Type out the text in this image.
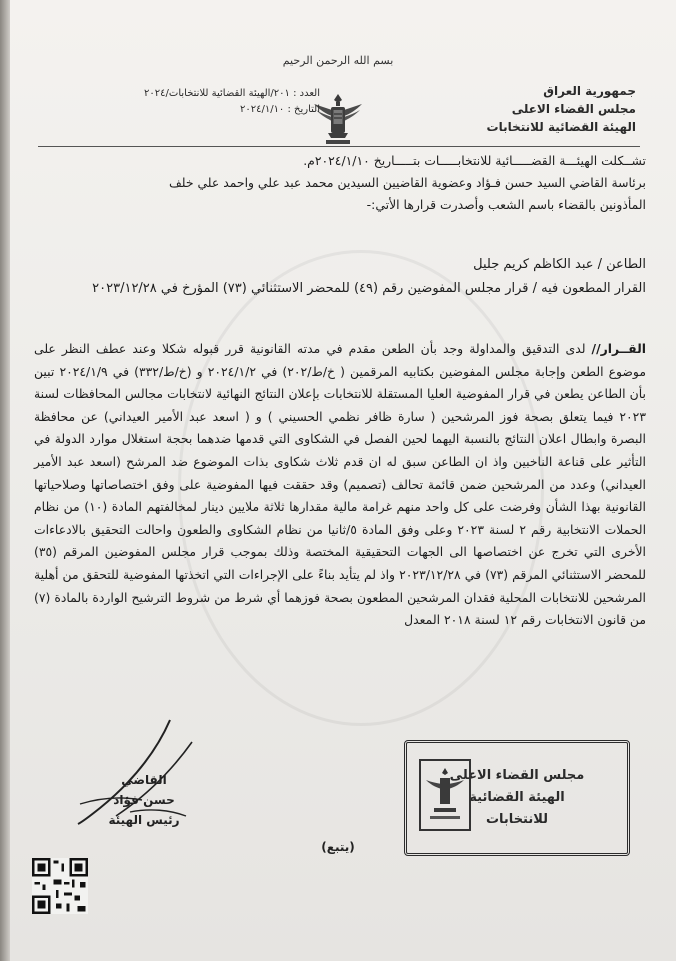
بسم الله الرحمن الرحيم
جمهورية العراق
مجلس القضاء الاعلى
الهيئة القضائية للانتخابات
العدد : ٢٠١/الهيئة القضائية للانتخابات/٢٠٢٤
التاريخ : ٢٠٢٤/١/١٠
تشــكلت الهيئـــة القضـــــائية للانتخابـــــات بتـــــاريخ ٢٠٢٤/١/١٠م.
برئاسة القاضي السيد حسن فـؤاد وعضوية القاضيين السيدين محمد عبد علي واحمد علي خلف
المأذونين بالقضاء باسم الشعب وأصدرت قرارها الأتي:-
الطاعن / عبد الكاظم كريم جليل
القرار المطعون فيه / قرار مجلس المفوضين رقم (٤٩) للمحضر الاستثنائي (٧٣) المؤرخ في ٢٠٢٣/١٢/٢٨
القــرار// لدى التدقيق والمداولة وجد بأن الطعن مقدم في مدته القانونية قرر قبوله شكلا وعند عطف النظر على موضوع الطعن وإجابة مجلس المفوضين بكتابيه المرقمين ( خ/ط/٢٠٢) في ٢٠٢٤/١/٢ و (خ/ط/٣٣٢) في ٢٠٢٤/١/٩ تبين بأن الطاعن يطعن في قرار المفوضية العليا المستقلة للانتخابات بإعلان النتائج النهائية لانتخابات مجالس المحافظات لسنة ٢٠٢٣ فيما يتعلق بصحة فوز المرشحين ( سارة ظافر نظمي الحسيني ) و ( اسعد عبد الأمير العيداني) عن محافظة البصرة وابطال اعلان النتائج بالنسبة اليهما لحين الفصل في الشكاوى التي قدمها ضدهما بحجة استغلال موارد الدولة في التأثير على قناعة الناخبين واذ ان الطاعن سبق له ان قدم ثلاث شكاوى بذات الموضوع ضد المرشح (اسعد عبد الأمير العيداني) وعدد من المرشحين ضمن قائمة تحالف (تصميم) وقد حققت فيها المفوضية على وفق اختصاصاتها وصلاحياتها القانونية بهذا الشأن وفرضت على كل واحد منهم غرامة مالية مقدارها ثلاثة ملايين دينار لمخالفتهم المادة (١٠) من نظام الحملات الانتخابية رقم ٢ لسنة ٢٠٢٣ وعلى وفق المادة ٥/ثانيا من نظام الشكاوى والطعون واحالت التحقيق بالادعاءات الأخرى التي تخرج عن اختصاصها الى الجهات التحقيقية المختصة وذلك بموجب قرار مجلس المفوضين المرقم (٣٥) للمحضر الاستثنائي المرقم (٧٣) في ٢٠٢٣/١٢/٢٨ واذ لم يتأيد بناءً على الإجراءات التي اتخذتها المفوضية للتحقق من أهلية المرشحين للانتخابات المحلية فقدان المرشحين المطعون بصحة فوزهما أي شرط من شروط الترشيح الواردة بالمادة (٧) من قانون الانتخابات رقم ١٢ لسنة ٢٠١٨ المعدل
مجلس القضاء الاعلى
الهيئة القضائية
للانتخابات
القاضي
حسن فؤاد
رئيس الهيئة
(يتبع)
